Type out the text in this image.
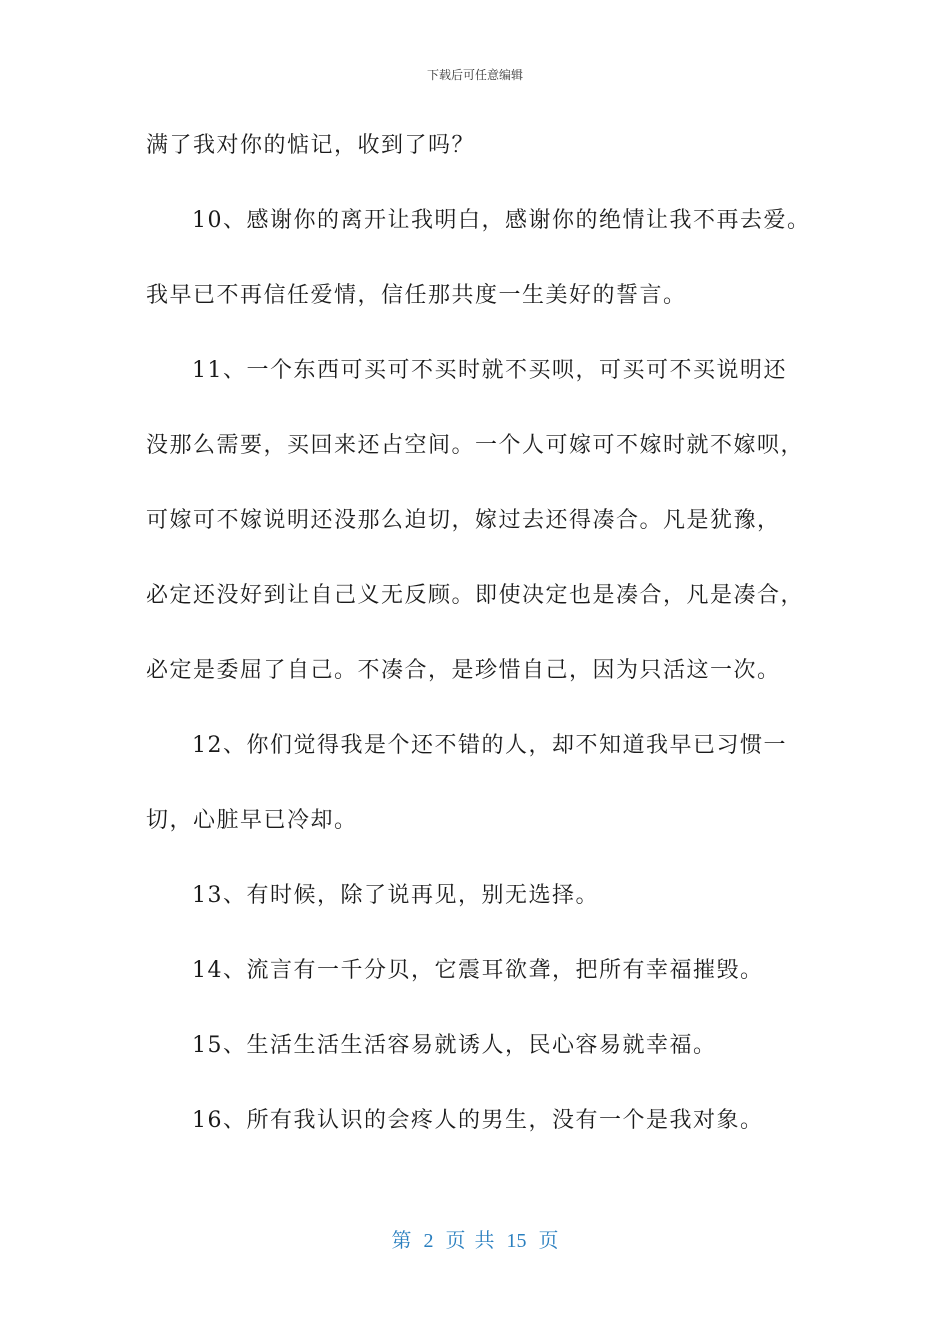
下载后可任意编辑
满了我对你的惦记，收到了吗？
10、感谢你的离开让我明白，感谢你的绝情让我不再去爱。
我早已不再信任爱情，信任那共度一生美好的誓言。
11、一个东西可买可不买时就不买呗，可买可不买说明还
没那么需要，买回来还占空间。一个人可嫁可不嫁时就不嫁呗，
可嫁可不嫁说明还没那么迫切，嫁过去还得凑合。凡是犹豫，
必定还没好到让自己义无反顾。即使决定也是凑合，凡是凑合，
必定是委屈了自己。不凑合，是珍惜自己，因为只活这一次。
12、你们觉得我是个还不错的人，却不知道我早已习惯一
切，心脏早已冷却。
13、有时候，除了说再见，别无选择。
14、流言有一千分贝，它震耳欲聋，把所有幸福摧毁。
15、生活生活生活容易就诱人，民心容易就幸福。
16、所有我认识的会疼人的男生，没有一个是我对象。
第 2 页 共 15 页
